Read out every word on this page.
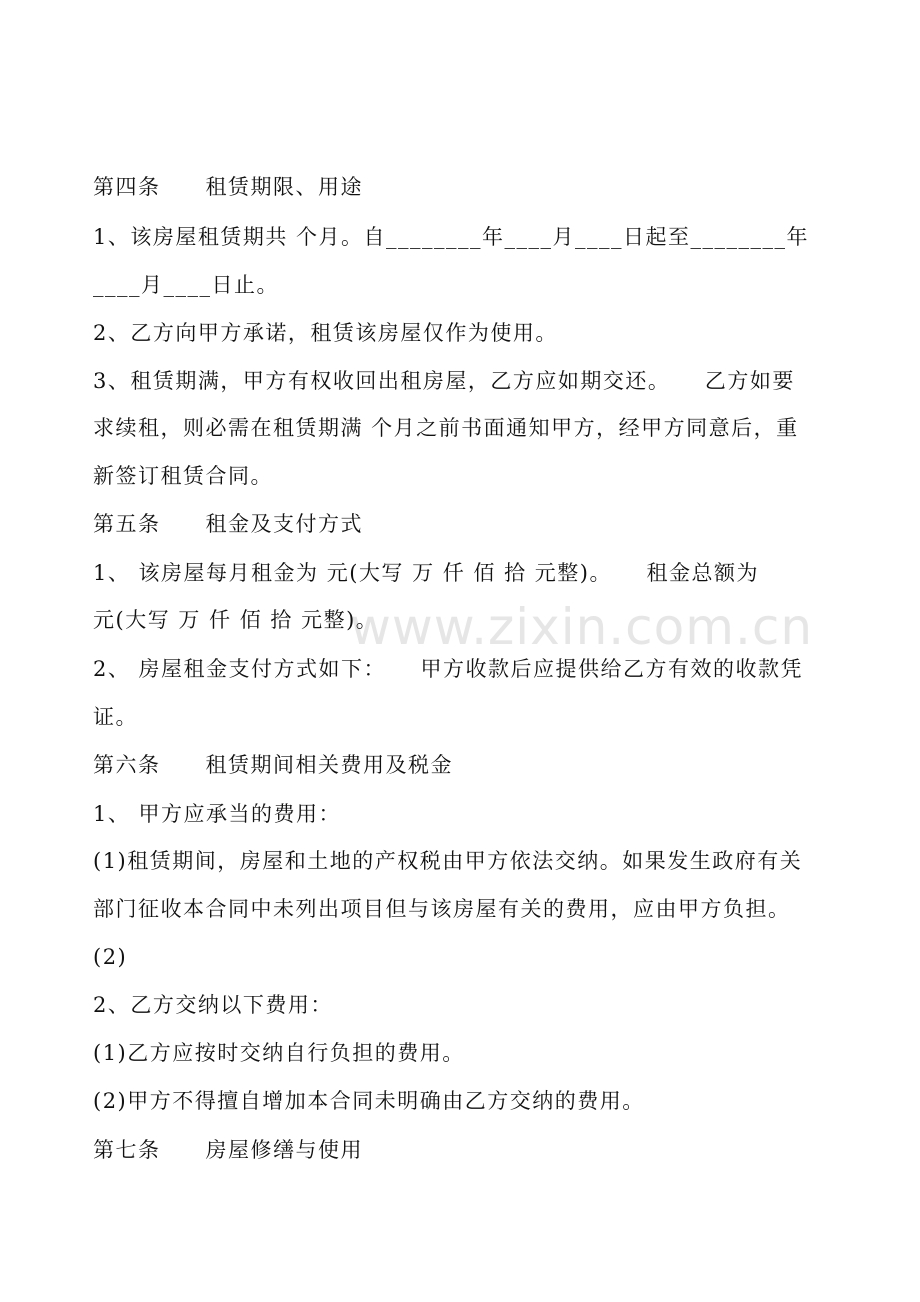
www.zixin.com.cn
第四条　　租赁期限、用途
1、该房屋租赁期共 个月。自________年____月____日起至________年
____月____日止。
2、乙方向甲方承诺，租赁该房屋仅作为使用。
3、租赁期满，甲方有权收回出租房屋，乙方应如期交还。　　乙方如要
求续租，则必需在租赁期满 个月之前书面通知甲方，经甲方同意后，重
新签订租赁合同。
第五条　　租金及支付方式
1、 该房屋每月租金为 元(大写 万 仟 佰 拾 元整)。　　租金总额为
元(大写 万 仟 佰 拾 元整)。
2、 房屋租金支付方式如下：　　甲方收款后应提供给乙方有效的收款凭
证。
第六条　　租赁期间相关费用及税金
1、 甲方应承当的费用：
(1)租赁期间，房屋和土地的产权税由甲方依法交纳。如果发生政府有关
部门征收本合同中未列出项目但与该房屋有关的费用，应由甲方负担。
(2)
2、乙方交纳以下费用：
(1)乙方应按时交纳自行负担的费用。
(2)甲方不得擅自增加本合同未明确由乙方交纳的费用。
第七条　　房屋修缮与使用
